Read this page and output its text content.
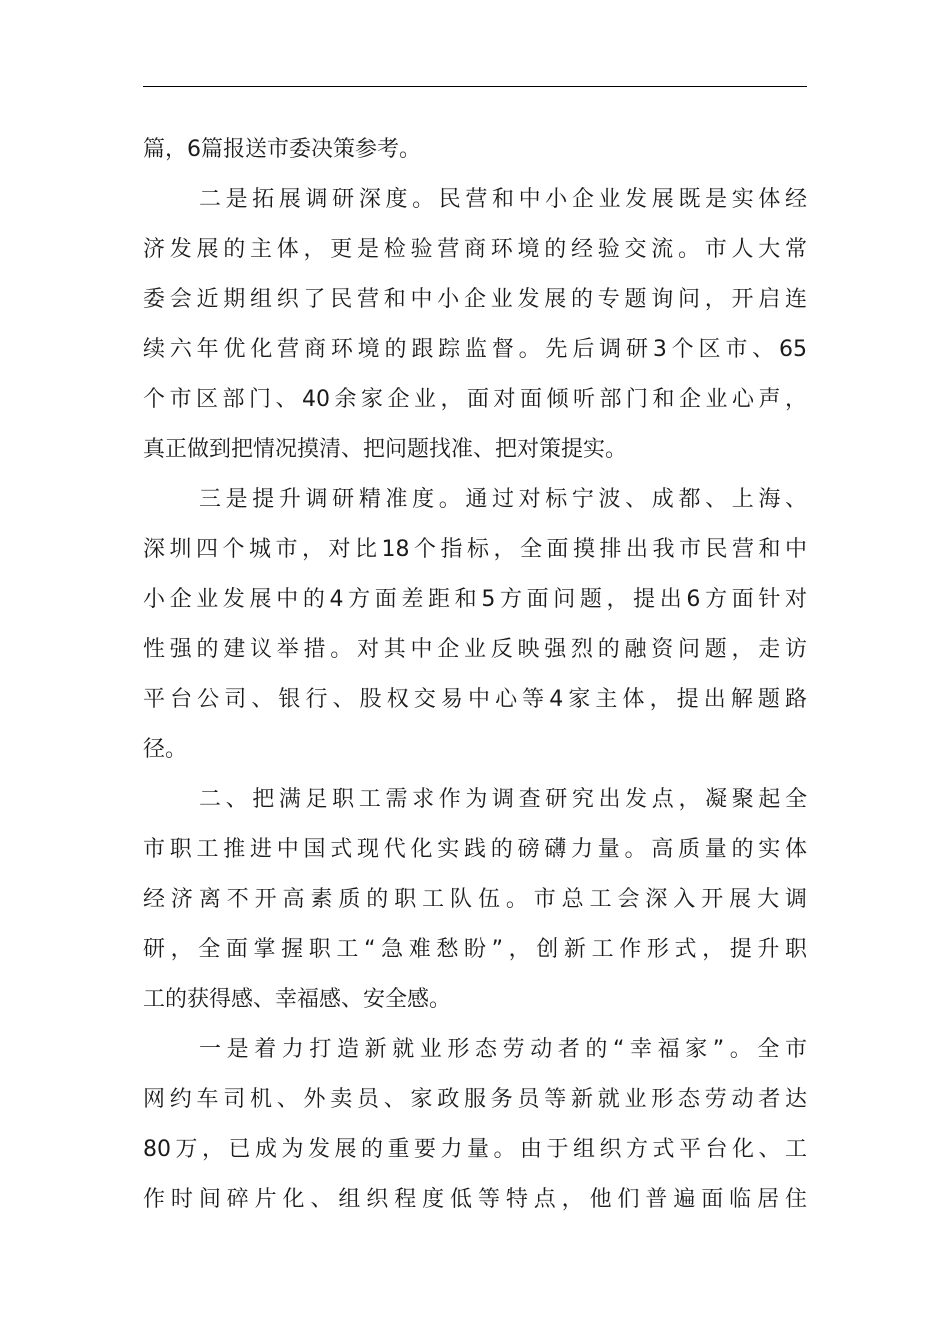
篇，6篇报送市委决策参考。
二是拓展调研深度。民营和中小企业发展既是实体经
济发展的主体，更是检验营商环境的经验交流。市人大常
委会近期组织了民营和中小企业发展的专题询问，开启连
续六年优化营商环境的跟踪监督。先后调研3个区市、65
个市区部门、40余家企业，面对面倾听部门和企业心声，
真正做到把情况摸清、把问题找准、把对策提实。
三是提升调研精准度。通过对标宁波、成都、上海、
深圳四个城市，对比18个指标，全面摸排出我市民营和中
小企业发展中的4方面差距和5方面问题，提出6方面针对
性强的建议举措。对其中企业反映强烈的融资问题，走访
平台公司、银行、股权交易中心等4家主体，提出解题路
径。
二、把满足职工需求作为调查研究出发点，凝聚起全
市职工推进中国式现代化实践的磅礴力量。高质量的实体
经济离不开高素质的职工队伍。市总工会深入开展大调
研，全面掌握职工“急难愁盼”，创新工作形式，提升职
工的获得感、幸福感、安全感。
一是着力打造新就业形态劳动者的“幸福家”。全市
网约车司机、外卖员、家政服务员等新就业形态劳动者达
80万，已成为发展的重要力量。由于组织方式平台化、工
作时间碎片化、组织程度低等特点，他们普遍面临居住
